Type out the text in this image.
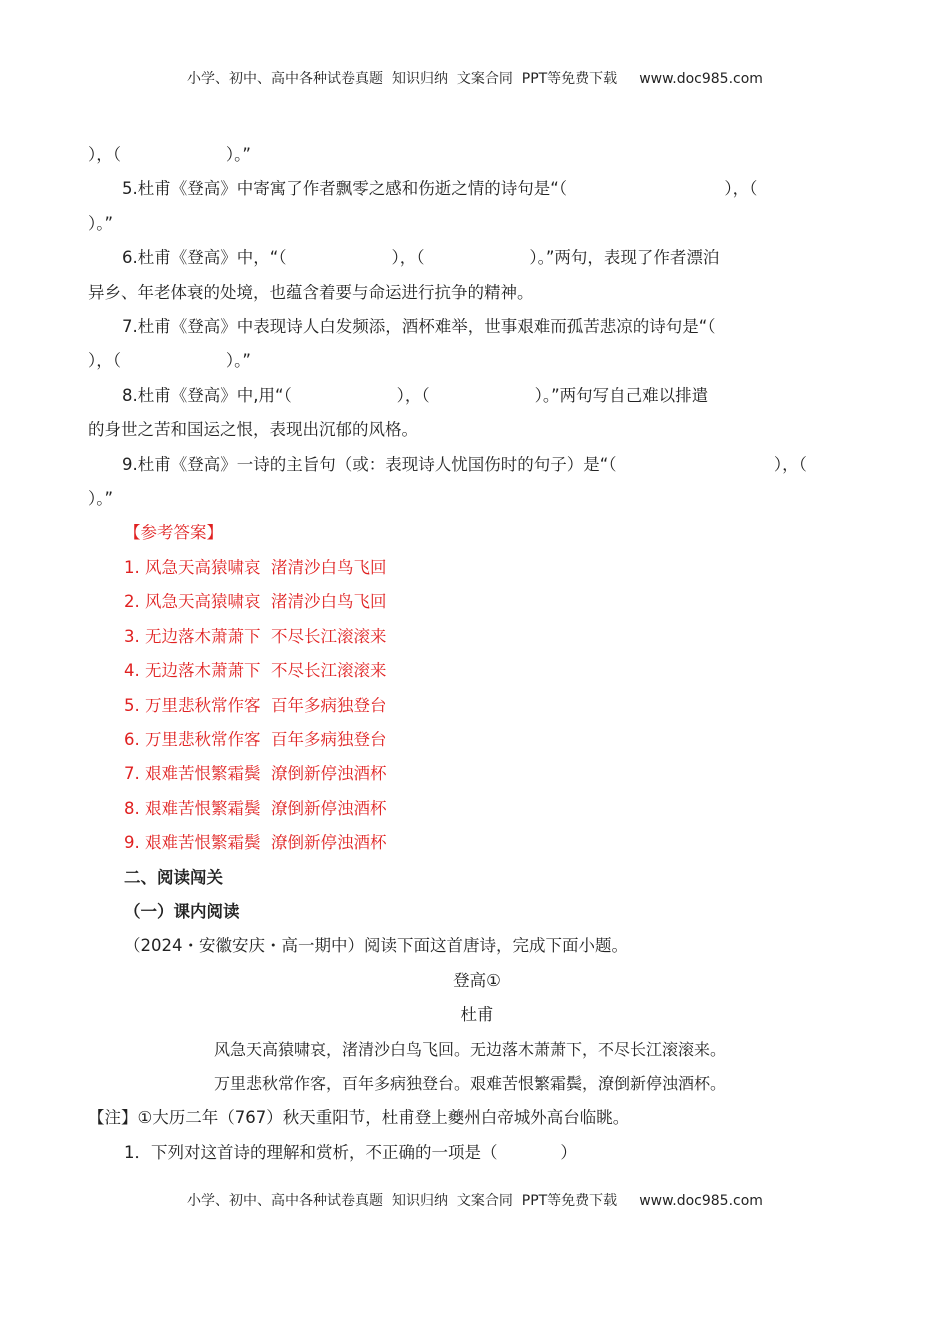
小学、初中、高中各种试卷真题  知识归纳  文案合同  PPT等免费下载 www.doc985.com

），（                    ）。”

5.杜甫《登高》中寄寓了作者飘零之感和伤逝之情的诗句是“（                              ），（

）。”

6.杜甫《登高》中，“（                    ），（                    ）。”两句，表现了作者漂泊

异乡、年老体衰的处境，也蕴含着要与命运进行抗争的精神。

7.杜甫《登高》中表现诗人白发频添，酒杯难举，世事艰难而孤苦悲凉的诗句是“（

），（                    ）。”

8.杜甫《登高》中,用“（                    ），（                    ）。”两句写自己难以排遣

的身世之苦和国运之恨，表现出沉郁的风格。

9.杜甫《登高》一诗的主旨句（或：表现诗人忧国伤时的句子）是“（                              ），（

）。”

【参考答案】

1. 风急天高猿啸哀  渚清沙白鸟飞回

2. 风急天高猿啸哀  渚清沙白鸟飞回

3. 无边落木萧萧下  不尽长江滚滚来

4. 无边落木萧萧下  不尽长江滚滚来

5. 万里悲秋常作客  百年多病独登台

6. 万里悲秋常作客  百年多病独登台

7. 艰难苦恨繁霜鬓  潦倒新停浊酒杯

8. 艰难苦恨繁霜鬓  潦倒新停浊酒杯

9. 艰难苦恨繁霜鬓  潦倒新停浊酒杯

二、阅读闯关

（一）课内阅读

（2024・安徽安庆・高一期中）阅读下面这首唐诗，完成下面小题。

登高①

杜甫

风急天高猿啸哀，渚清沙白鸟飞回。无边落木萧萧下，不尽长江滚滚来。

万里悲秋常作客，百年多病独登台。艰难苦恨繁霜鬓，潦倒新停浊酒杯。

【注】①大历二年（767）秋天重阳节，杜甫登上夔州白帝城外高台临眺。

1．下列对这首诗的理解和赏析，不正确的一项是（            ）

小学、初中、高中各种试卷真题  知识归纳  文案合同  PPT等免费下载 www.doc985.com
